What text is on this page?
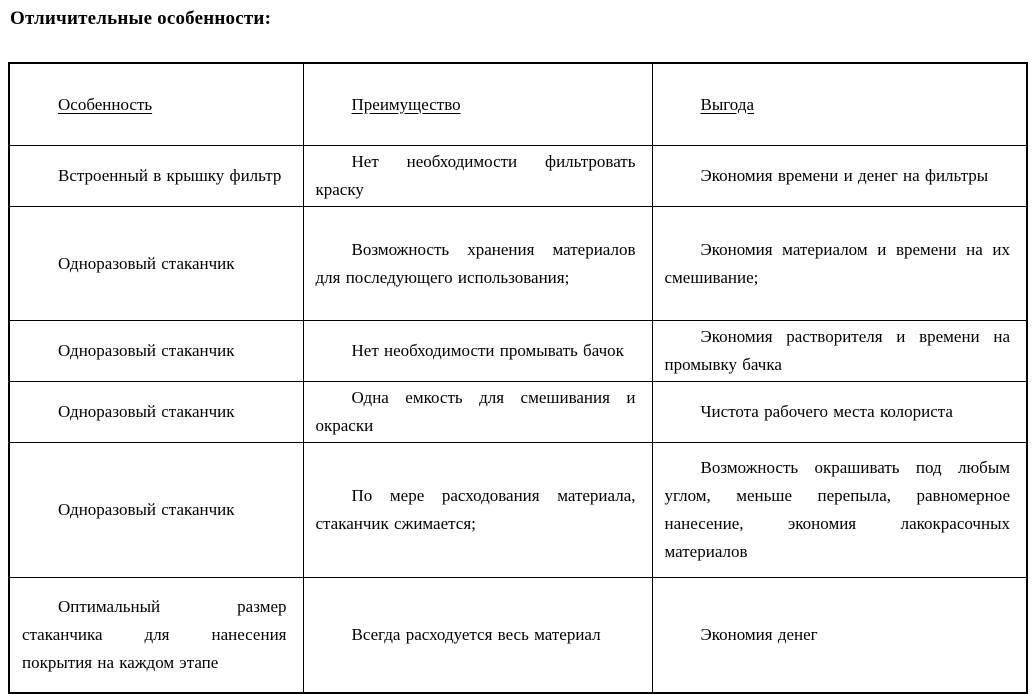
Отличительные особенности:
Особенность	Преимущество	Выгода

Встроенный в крышку фильтр	Нет необходимости фильтровать краску	Экономия времени и денег на фильтры

Одноразовый стаканчик	Возможность хранения материалов для последующего использования;	Экономия материалом и времени на их смешивание;

Одноразовый стаканчик	Нет необходимости промывать бачок	Экономия растворителя и времени на промывку бачка

Одноразовый стаканчик	Одна емкость для смешивания и окраски	Чистота рабочего места колориста

Одноразовый стаканчик	По мере расходования материала, стаканчик сжимается;	Возможность окрашивать под любым углом, меньше перепыла, равномерное нанесение, экономия лакокрасочных материалов

Оптимальный размер стаканчика для нанесения покрытия на каждом этапе	Всегда расходуется весь материал	Экономия денег
